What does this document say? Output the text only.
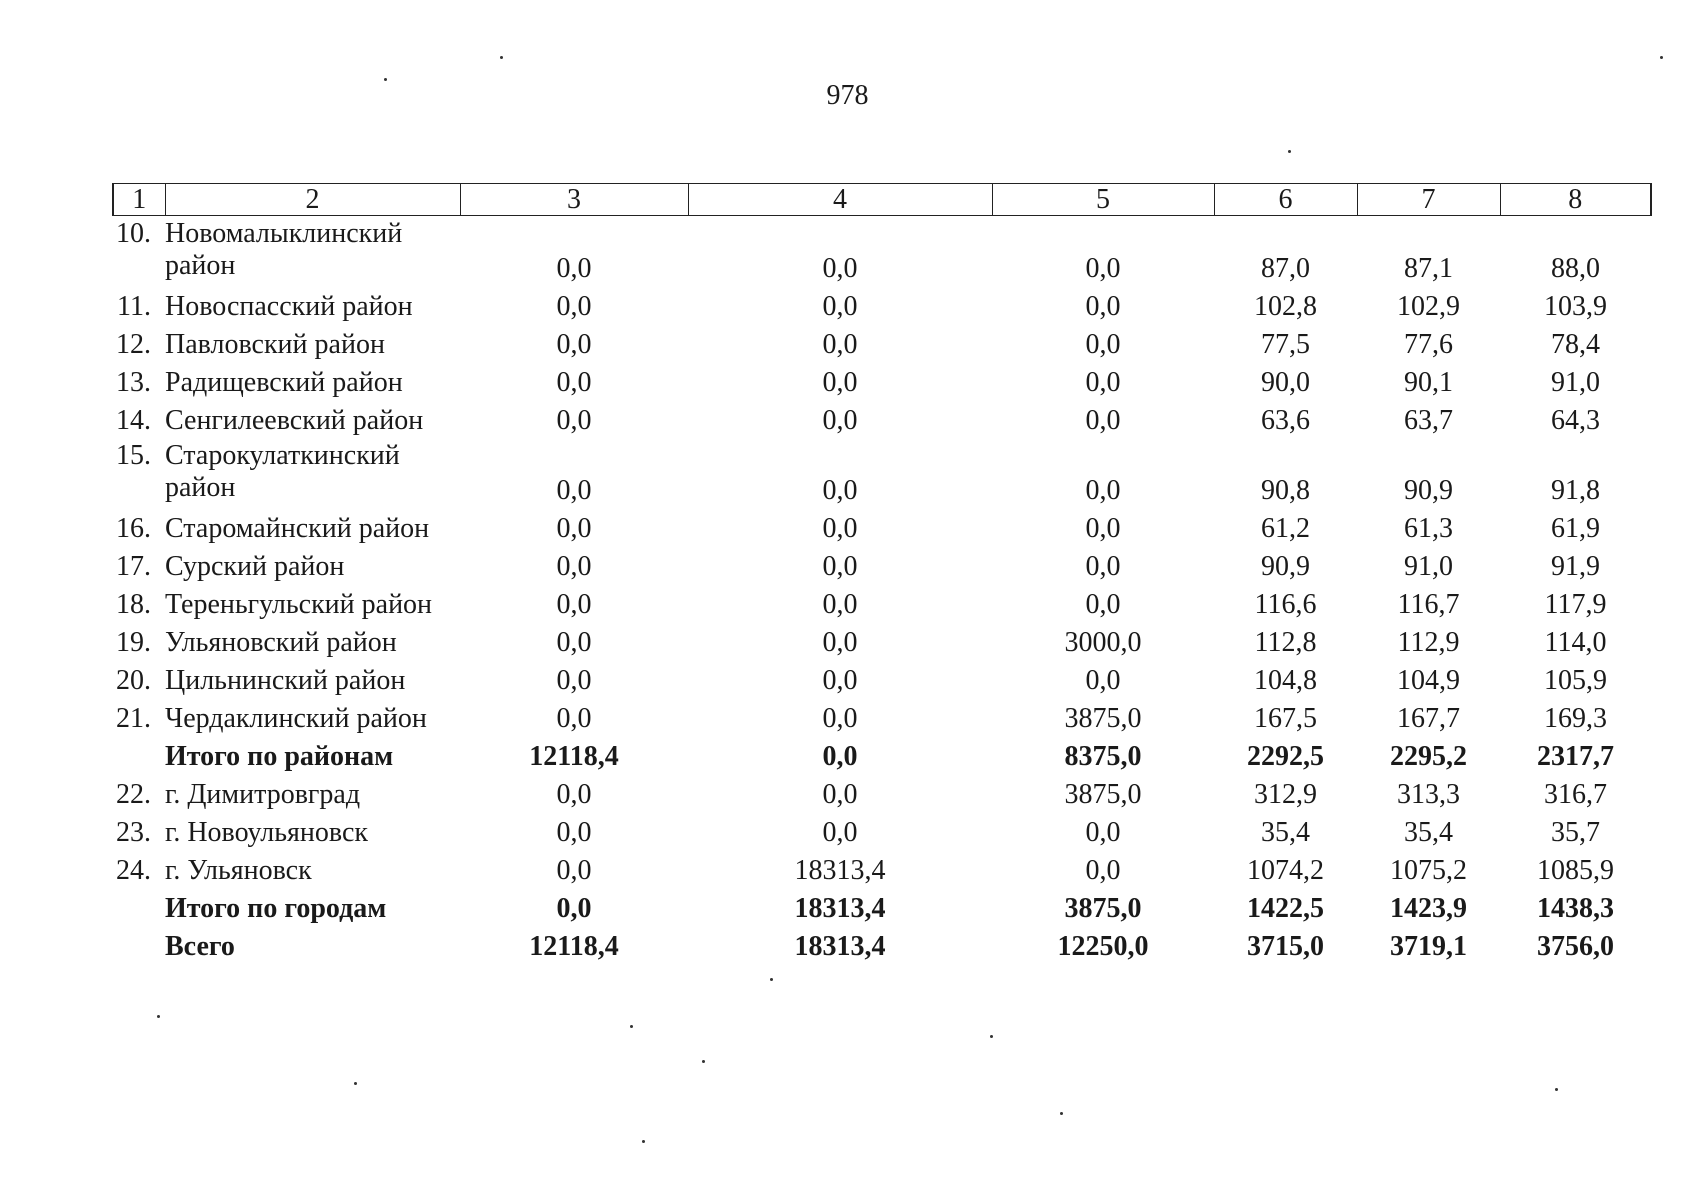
978
1	2	3	4	5	6	7	8
10.	Новомалыклинский район	0,0	0,0	0,0	87,0	87,1	88,0
11.	Новоспасский район	0,0	0,0	0,0	102,8	102,9	103,9
12.	Павловский район	0,0	0,0	0,0	77,5	77,6	78,4
13.	Радищевский район	0,0	0,0	0,0	90,0	90,1	91,0
14.	Сенгилеевский район	0,0	0,0	0,0	63,6	63,7	64,3
15.	Старокулаткинский район	0,0	0,0	0,0	90,8	90,9	91,8
16.	Старомайнский район	0,0	0,0	0,0	61,2	61,3	61,9
17.	Сурский район	0,0	0,0	0,0	90,9	91,0	91,9
18.	Тереньгульский район	0,0	0,0	0,0	116,6	116,7	117,9
19.	Ульяновский район	0,0	0,0	3000,0	112,8	112,9	114,0
20.	Цильнинский район	0,0	0,0	0,0	104,8	104,9	105,9
21.	Чердаклинский район	0,0	0,0	3875,0	167,5	167,7	169,3
	Итого по районам	12118,4	0,0	8375,0	2292,5	2295,2	2317,7
22.	г. Димитровград	0,0	0,0	3875,0	312,9	313,3	316,7
23.	г. Новоульяновск	0,0	0,0	0,0	35,4	35,4	35,7
24.	г. Ульяновск	0,0	18313,4	0,0	1074,2	1075,2	1085,9
	Итого по городам	0,0	18313,4	3875,0	1422,5	1423,9	1438,3
	Всего	12118,4	18313,4	12250,0	3715,0	3719,1	3756,0
